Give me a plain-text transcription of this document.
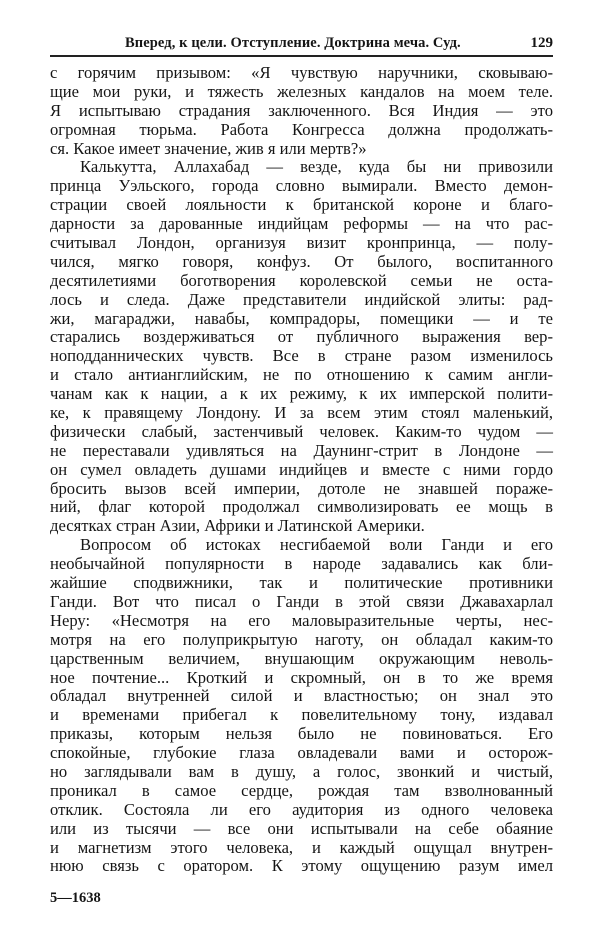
Вперед, к цели. Отступление. Доктрина меча. Суд.	129
с горячим призывом: «Я чувствую наручники, сковываю-
щие мои руки, и тяжесть железных кандалов на моем теле.
Я испытываю страдания заключенного. Вся Индия — это
огромная тюрьма. Работа Конгресса должна продолжать-
ся. Какое имеет значение, жив я или мертв?»
Калькутта, Аллахабад — везде, куда бы ни привозили
принца Уэльского, города словно вымирали. Вместо демон-
страции своей лояльности к британской короне и благо-
дарности за дарованные индийцам реформы — на что рас-
считывал Лондон, организуя визит кронпринца, — полу-
чился, мягко говоря, конфуз. От былого, воспитанного
десятилетиями боготворения королевской семьи не оста-
лось и следа. Даже представители индийской элиты: рад-
жи, магараджи, навабы, компрадоры, помещики — и те
старались воздерживаться от публичного выражения вер-
ноподданнических чувств. Все в стране разом изменилось
и стало антианглийским, не по отношению к самим англи-
чанам как к нации, а к их режиму, к их имперской полити-
ке, к правящему Лондону. И за всем этим стоял маленький,
физически слабый, застенчивый человек. Каким-то чудом —
не переставали удивляться на Даунинг-стрит в Лондоне —
он сумел овладеть душами индийцев и вместе с ними гордо
бросить вызов всей империи, дотоле не знавшей пораже-
ний, флаг которой продолжал символизировать ее мощь в
десятках стран Азии, Африки и Латинской Америки.
Вопросом об истоках несгибаемой воли Ганди и его
необычайной популярности в народе задавались как бли-
жайшие сподвижники, так и политические противники
Ганди. Вот что писал о Ганди в этой связи Джавахарлал
Неру: «Несмотря на его маловыразительные черты, нес-
мотря на его полуприкрытую наготу, он обладал каким-то
царственным величием, внушающим окружающим неволь-
ное почтение... Кроткий и скромный, он в то же время
обладал внутренней силой и властностью; он знал это
и временами прибегал к повелительному тону, издавал
приказы, которым нельзя было не повиноваться. Его
спокойные, глубокие глаза овладевали вами и осторож-
но заглядывали вам в душу, а голос, звонкий и чистый,
проникал в самое сердце, рождая там взволнованный
отклик. Состояла ли его аудитория из одного человека
или из тысячи — все они испытывали на себе обаяние
и магнетизм этого человека, и каждый ощущал внутрен-
нюю связь с оратором. К этому ощущению разум имел
5—1638
